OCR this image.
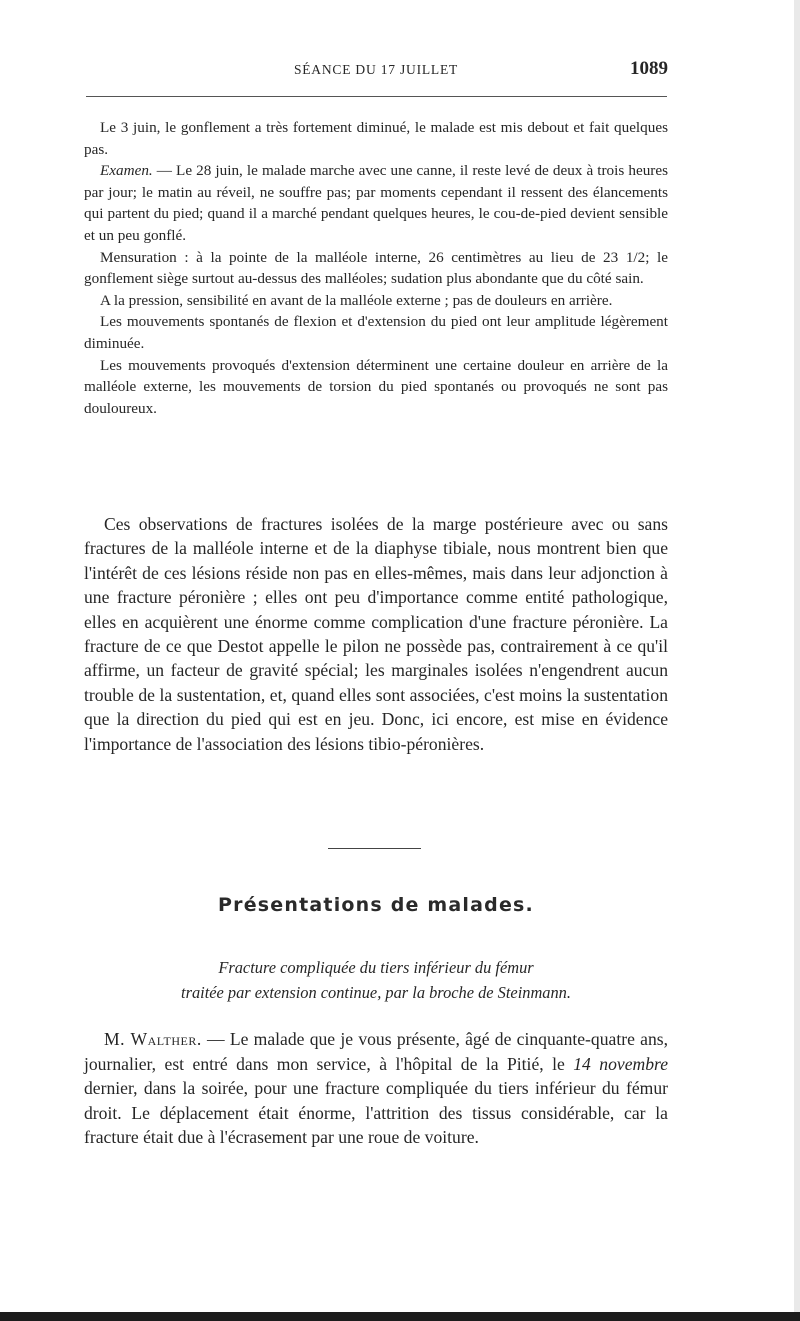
SÉANCE DU 17 JUILLET	1089

Le 3 juin, le gonflement a très fortement diminué, le malade est mis debout et fait quelques pas.

Examen. — Le 28 juin, le malade marche avec une canne, il reste levé de deux à trois heures par jour; le matin au réveil, ne souffre pas; par moments cependant il ressent des élancements qui partent du pied; quand il a marché pendant quelques heures, le cou-de-pied devient sensible et un peu gonflé.

Mensuration : à la pointe de la malléole interne, 26 centimètres au lieu de 23 1/2; le gonflement siège surtout au-dessus des malléoles; sudation plus abondante que du côté sain.

A la pression, sensibilité en avant de la malléole externe ; pas de douleurs en arrière.

Les mouvements spontanés de flexion et d'extension du pied ont leur amplitude légèrement diminuée.

Les mouvements provoqués d'extension déterminent une certaine douleur en arrière de la malléole externe, les mouvements de torsion du pied spontanés ou provoqués ne sont pas douloureux.

Ces observations de fractures isolées de la marge postérieure avec ou sans fractures de la malléole interne et de la diaphyse tibiale, nous montrent bien que l'intérêt de ces lésions réside non pas en elles-mêmes, mais dans leur adjonction à une fracture péronière ; elles ont peu d'importance comme entité pathologique, elles en acquièrent une énorme comme complication d'une fracture péronière. La fracture de ce que Destot appelle le pilon ne possède pas, contrairement à ce qu'il affirme, un facteur de gravité spécial; les marginales isolées n'engendrent aucun trouble de la sustentation, et, quand elles sont associées, c'est moins la sustentation que la direction du pied qui est en jeu. Donc, ici encore, est mise en évidence l'importance de l'association des lésions tibio-péronières.

Présentations de malades.
Fracture compliquée du tiers inférieur du fémur
traitée par extension continue, par la broche de Steinmann.

M. Walther. — Le malade que je vous présente, âgé de cinquante-quatre ans, journalier, est entré dans mon service, à l'hôpital de la Pitié, le 14 novembre dernier, dans la soirée, pour une fracture compliquée du tiers inférieur du fémur droit. Le déplacement était énorme, l'attrition des tissus considérable, car la fracture était due à l'écrasement par une roue de voiture.
